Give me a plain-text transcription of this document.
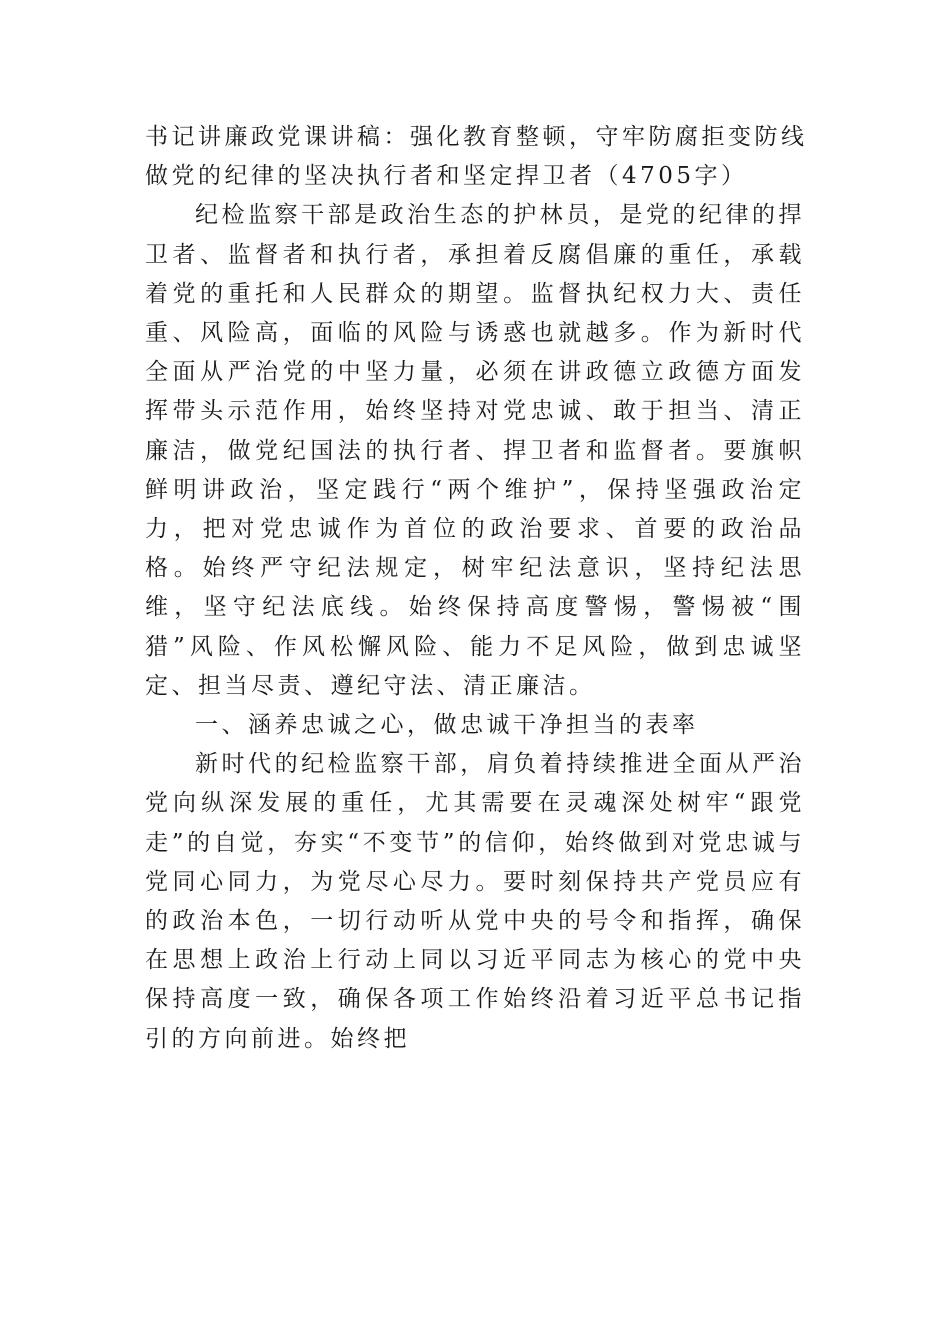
书记讲廉政党课讲稿：强化教育整顿，守牢防腐拒变防线

做党的纪律的坚决执行者和坚定捍卫者（4705字）

纪检监察干部是政治生态的护林员，是党的纪律的捍卫者、监督者和执行者，承担着反腐倡廉的重任，承载着党的重托和人民群众的期望。监督执纪权力大、责任重、风险高，面临的风险与诱惑也就越多。作为新时代全面从严治党的中坚力量，必须在讲政德立政德方面发挥带头示范作用，始终坚持对党忠诚、敢于担当、清正廉洁，做党纪国法的执行者、捍卫者和监督者。要旗帜鲜明讲政治，坚定践行“两个维护”，保持坚强政治定力，把对党忠诚作为首位的政治要求、首要的政治品格。始终严守纪法规定，树牢纪法意识，坚持纪法思维，坚守纪法底线。始终保持高度警惕，警惕被“围猎”风险、作风松懈风险、能力不足风险，做到忠诚坚定、担当尽责、遵纪守法、清正廉洁。

一、涵养忠诚之心，做忠诚干净担当的表率

新时代的纪检监察干部，肩负着持续推进全面从严治党向纵深发展的重任，尤其需要在灵魂深处树牢“跟党走”的自觉，夯实“不变节”的信仰，始终做到对党忠诚与党同心同力，为党尽心尽力。要时刻保持共产党员应有的政治本色，一切行动听从党中央的号令和指挥，确保在思想上政治上行动上同以习近平同志为核心的党中央保持高度一致，确保各项工作始终沿着习近平总书记指引的方向前进。始终把
